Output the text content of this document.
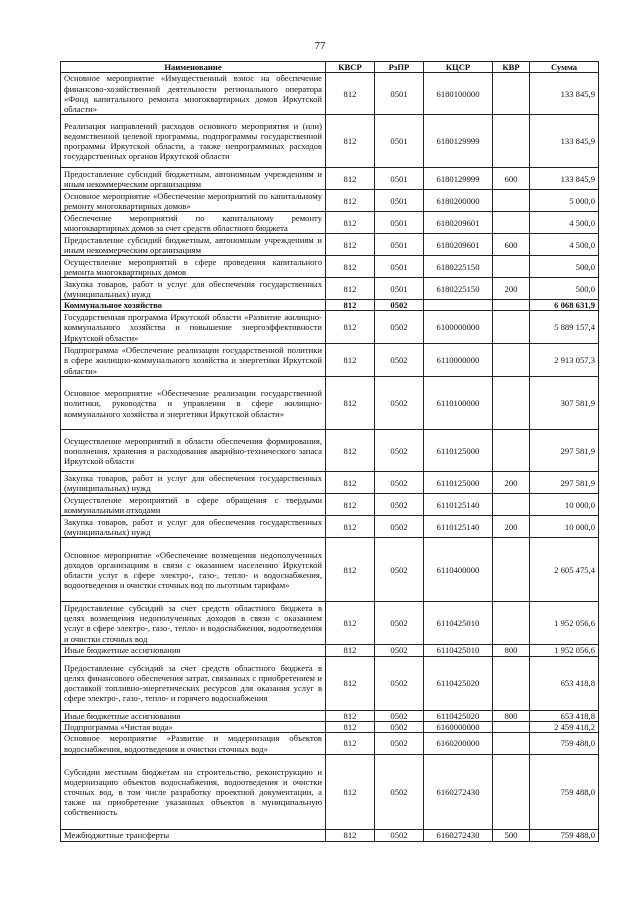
77
Наименование	КВСР	РзПР	КЦСР	КВР	Сумма
Основное мероприятие «Имущественный взнос на обеспечение финансово-хозяйственной деятельности регионального оператора «Фонд капитального ремонта многоквартирных домов Иркутской области»	812	0501	6180100000		133 845,9
Реализация направлений расходов основного мероприятия и (или) ведомственной целевой программы, подпрограммы государственной программы Иркутской области, а также непрограммных расходов государственных органов Иркутской области	812	0501	6180129999		133 845,9
Предоставление субсидий бюджетным, автономным учреждениям и иным некоммерческим организациям	812	0501	6180129999	600	133 845,9
Основное мероприятие «Обеспечение мероприятий по капитальному ремонту многоквартирных домов»	812	0501	6180200000		5 000,0
Обеспечение мероприятий по капитальному ремонту многоквартирных домов за счет средств областного бюджета	812	0501	6180209601		4 500,0
Предоставление субсидий бюджетным, автономным учреждениям и иным некоммерческим организациям	812	0501	6180209601	600	4 500,0
Осуществление мероприятий в сфере проведения капитального ремонта многоквартирных домов	812	0501	6180225150		500,0
Закупка товаров, работ и услуг для обеспечения государственных (муниципальных) нужд	812	0501	6180225150	200	500,0
Коммунальное хозяйство	812	0502			6 068 631,9
Государственная программа Иркутской области «Развитие жилищно-коммунального хозяйства и повышение энергоэффективности Иркутской области»	812	0502	6100000000		5 889 157,4
Подпрограмма «Обеспечение реализации государственной политики в сфере жилищно-коммунального хозяйства и энергетики Иркутской области»	812	0502	6110000000		2 913 057,3
Основное мероприятие «Обеспечение реализации государственной политики, руководства и управления в сфере жилищно-коммунального хозяйства и энергетики Иркутской области»	812	0502	6110100000		307 581,9
Осуществление мероприятий в области обеспечения формирования, пополнения, хранения и расходования аварийно-технического запаса Иркутской области	812	0502	6110125000		297 581,9
Закупка товаров, работ и услуг для обеспечения государственных (муниципальных) нужд	812	0502	6110125000	200	297 581,9
Осуществление мероприятий в сфере обращения с твердыми коммунальными отходами	812	0502	6110125140		10 000,0
Закупка товаров, работ и услуг для обеспечения государственных (муниципальных) нужд	812	0502	6110125140	200	10 000,0
Основное мероприятие «Обеспечение возмещения недополученных доходов организациям в связи с оказанием населению Иркутской области услуг в сфере электро-, газо-, тепло- и водоснабжения, водоотведения и очистки сточных вод по льготным тарифам»	812	0502	6110400000		2 605 475,4
Предоставление субсидий за счет средств областного бюджета в целях возмещения недополученных доходов в связи с оказанием услуг в сфере электро-, газо-, тепло- и водоснабжения, водоотведения и очистки сточных вод	812	0502	6110425010		1 952 056,6
Иные бюджетные ассигнования	812	0502	6110425010	800	1 952 056,6
Предоставление субсидий за счет средств областного бюджета в целях финансового обеспечения затрат, связанных с приобретением и доставкой топливно-энергетических ресурсов для оказания услуг в сфере электро-, газо-, тепло- и горячего водоснабжения	812	0502	6110425020		653 418,8
Иные бюджетные ассигнования	812	0502	6110425020	800	653 418,8
Подпрограмма «Чистая вода»	812	0502	6160000000		2 459 418,2
Основное мероприятие «Развитие и модернизация объектов водоснабжения, водоотведения и очистки сточных вод»	812	0502	6160200000		759 488,0
Субсидии местным бюджетам на строительство, реконструкцию и модернизацию объектов водоснабжения, водоотведения и очистки сточных вод, в том числе разработку проектной документации, а также на приобретение указанных объектов в муниципальную собственность	812	0502	6160272430		759 488,0
Межбюджетные трансферты	812	0502	6160272430	500	759 488,0
